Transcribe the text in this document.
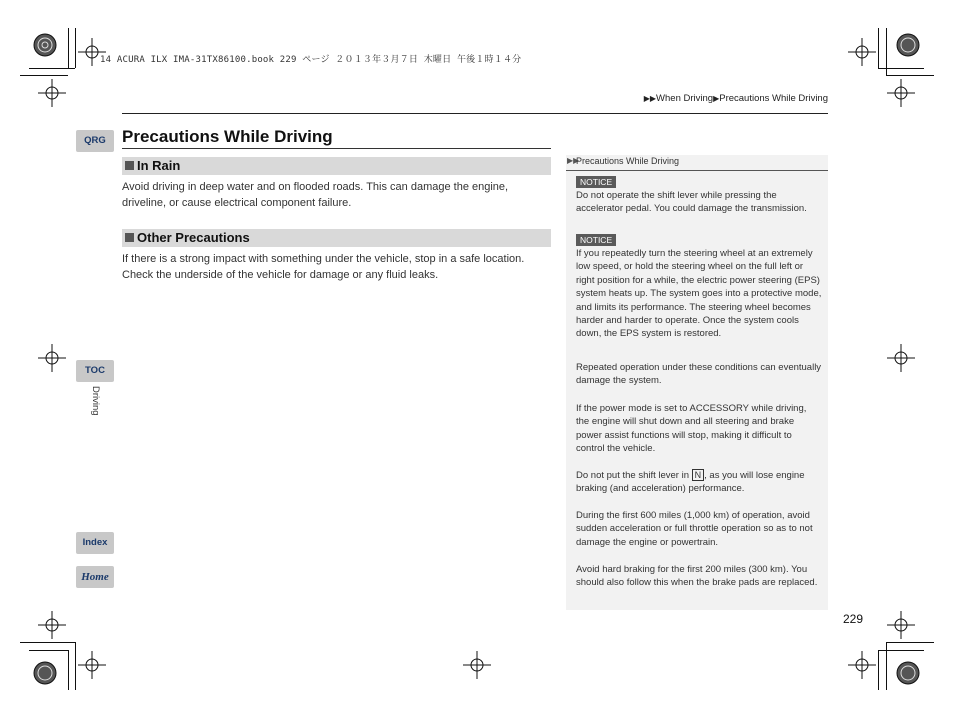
14 ACURA ILX IMA-31TX86100.book 229 ページ ２０１３年３月７日 木曜日 午後１時１４分
▶▶When Driving▶Precautions While Driving
QRG
TOC
Driving
Index
Home
Precautions While Driving
In Rain
Avoid driving in deep water and on flooded roads. This can damage the engine, driveline, or cause electrical component failure.
Other Precautions
If there is a strong impact with something under the vehicle, stop in a safe location. Check the underside of the vehicle for damage or any fluid leaks.
▶▶
Precautions While Driving
NOTICE
Do not operate the shift lever while pressing the accelerator pedal. You could damage the transmission.
NOTICE
If you repeatedly turn the steering wheel at an extremely low speed, or hold the steering wheel on the full left or right position for a while, the electric power steering (EPS) system heats up. The system goes into a protective mode, and limits its performance. The steering wheel becomes harder and harder to operate. Once the system cools down, the EPS system is restored.
Repeated operation under these conditions can eventually damage the system.
If the power mode is set to ACCESSORY while driving, the engine will shut down and all steering and brake power assist functions will stop, making it difficult to control the vehicle.
Do not put the shift lever in N , as you will lose engine braking (and acceleration) performance.
During the first 600 miles (1,000 km) of operation, avoid sudden acceleration or full throttle operation so as to not damage the engine or powertrain.
Avoid hard braking for the first 200 miles (300 km). You should also follow this when the brake pads are replaced.
229
